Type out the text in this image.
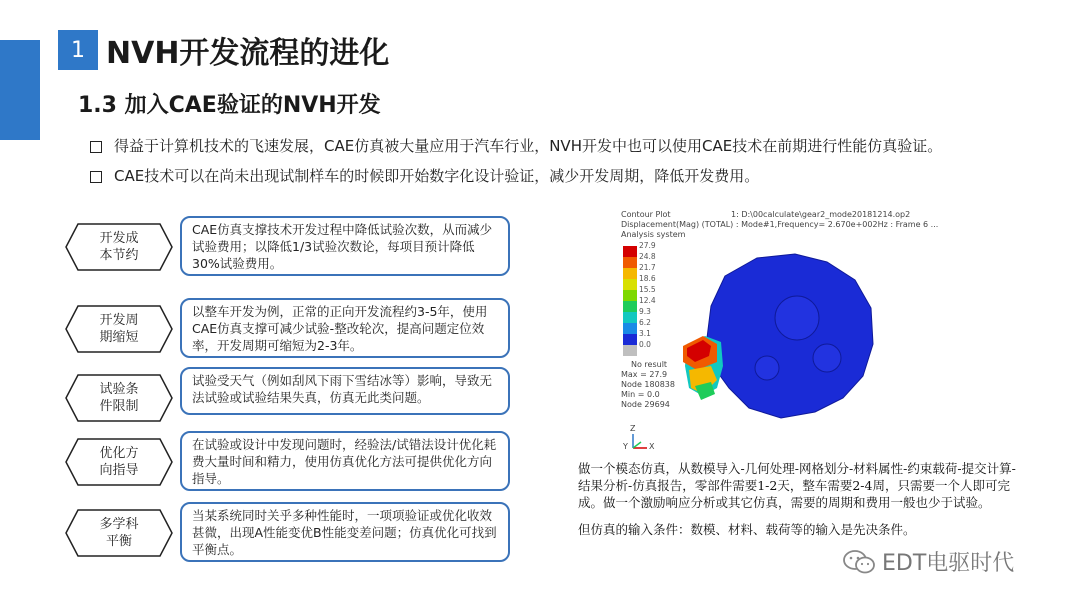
1 NVH开发流程的进化
1.3 加入CAE验证的NVH开发
得益于计算机技术的飞速发展，CAE仿真被大量应用于汽车行业，NVH开发中也可以使用CAE技术在前期进行性能仿真验证。
CAE技术可以在尚未出现试制样车的时候即开始数字化设计验证，减少开发周期，降低开发费用。
开发成
本节约
CAE仿真支撑技术开发过程中降低试验次数，从而减少试验费用；以降低1/3试验次数论，每项目预计降低30%试验费用。
开发周
期缩短
以整车开发为例，正常的正向开发流程约3-5年，使用CAE仿真支撑可减少试验-整改轮次，提高问题定位效率，开发周期可缩短为2-3年。
试验条
件限制
试验受天气（例如刮风下雨下雪结冰等）影响，导致无法试验或试验结果失真，仿真无此类问题。
优化方
向指导
在试验或设计中发现问题时，经验法/试错法设计优化耗费大量时间和精力，使用仿真优化方法可提供优化方向指导。
多学科
平衡
当某系统同时关乎多种性能时，一项项验证或优化收效甚微，出现A性能变优B性能变差问题；仿真优化可找到平衡点。
Contour Plot	1: D:\00calculate\gear2_mode20181214.op2
Displacement(Mag) (TOTAL) : Mode#1,Frequency= 2.670e+002Hz : Frame 6 ...
Analysis system
27.9
24.8
21.7
18.6
15.5
12.4
9.3
6.2
3.1
0.0
No result
Max = 27.9
Node 180838
Min = 0.0
Node 29694
Z
Y	X

做一个模态仿真，从数模导入-几何处理-网格划分-材料属性-约束载荷-提交计算-结果分析-仿真报告，零部件需要1-2天，整车需要2-4周，只需要一个人即可完成。做一个激励响应分析或其它仿真，需要的周期和费用一般也少于试验。

但仿真的输入条件：数模、材料、载荷等的输入是先决条件。

EDT电驱时代
